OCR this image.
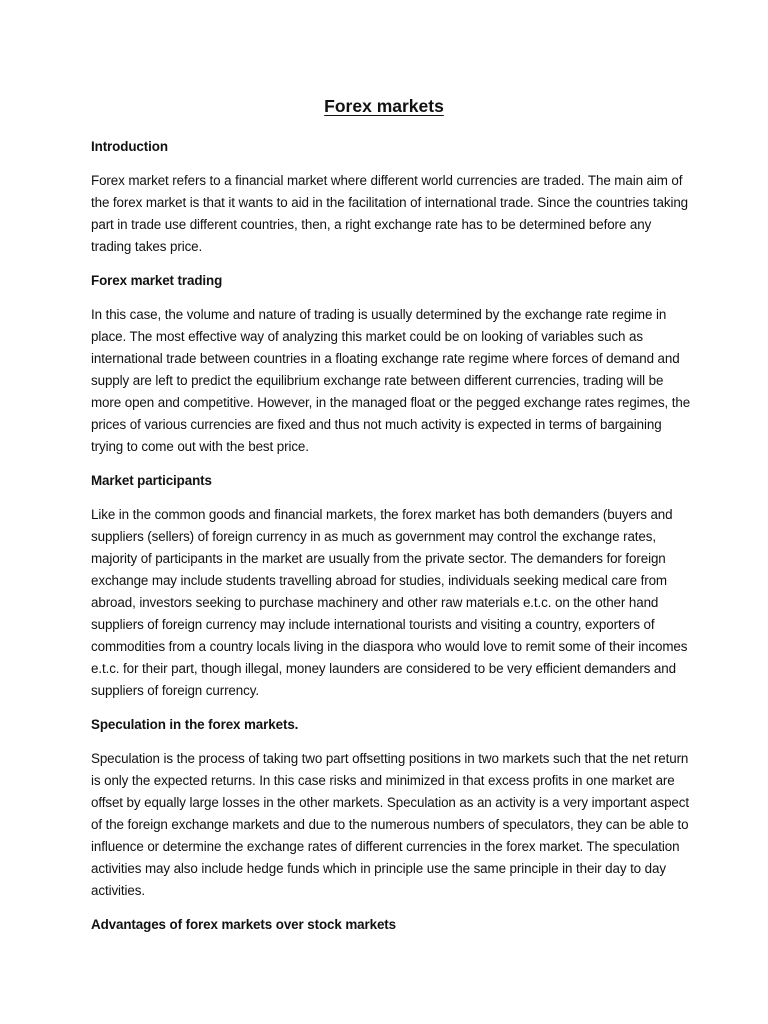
Forex markets

Introduction

Forex market refers to a financial market where different world currencies are traded. The main aim of the forex market is that it wants to aid in the facilitation of international trade. Since the countries taking part in trade use different countries, then, a right exchange rate has to be determined before any trading takes price.

Forex market trading

In this case, the volume and nature of trading is usually determined by the exchange rate regime in place. The most effective way of analyzing this market could be on looking of variables such as international trade between countries in a floating exchange rate regime where forces of demand and supply are left to predict the equilibrium exchange rate between different currencies, trading will be more open and competitive. However, in the managed float or the pegged exchange rates regimes, the prices of various currencies are fixed and thus not much activity is expected in terms of bargaining trying to come out with the best price.

Market participants

Like in the common goods and financial markets, the forex market has both demanders (buyers and suppliers (sellers) of foreign currency in as much as government may control the exchange rates, majority of participants in the market are usually from the private sector. The demanders for foreign exchange may include students travelling abroad for studies, individuals seeking medical care from abroad, investors seeking to purchase machinery and other raw materials e.t.c. on the other hand suppliers of foreign currency may include international tourists and visiting a country, exporters of commodities from a country locals living in the diaspora who would love to remit some of their incomes e.t.c. for their part, though illegal, money launders are considered to be very efficient demanders and suppliers of foreign currency.

Speculation in the forex markets.

Speculation is the process of taking two part offsetting positions in two markets such that the net return is only the expected returns. In this case risks and minimized in that excess profits in one market are offset by equally large losses in the other markets. Speculation as an activity is a very important aspect of the foreign exchange markets and due to the numerous numbers of speculators, they can be able to influence or determine the exchange rates of different currencies in the forex market. The speculation activities may also include hedge funds which in principle use the same principle in their day to day activities.

Advantages of forex markets over stock markets
